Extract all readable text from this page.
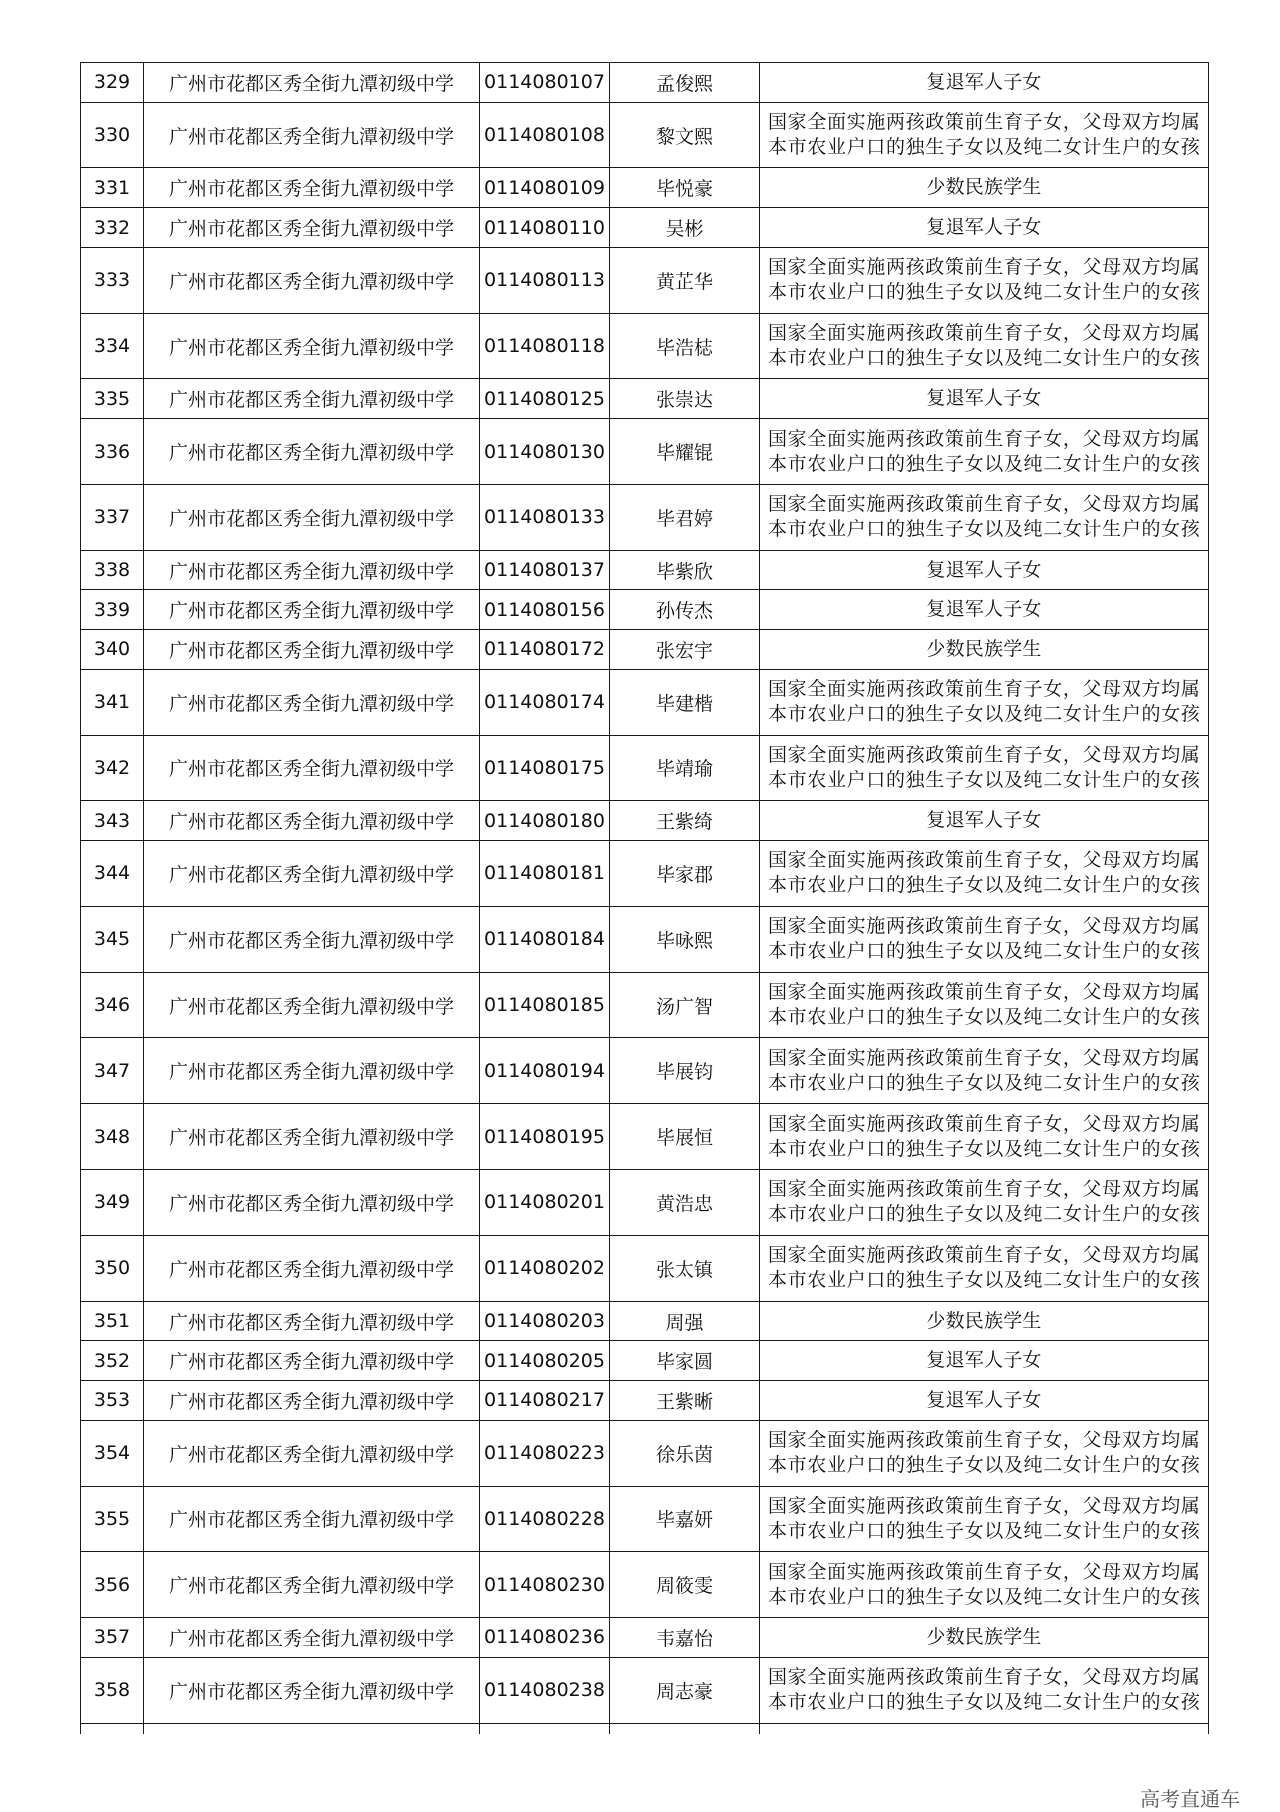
329	广州市花都区秀全街九潭初级中学	0114080107	孟俊熙	复退军人子女
330	广州市花都区秀全街九潭初级中学	0114080108	黎文熙	国家全面实施两孩政策前生育子女，父母双方均属本市农业户口的独生子女以及纯二女计生户的女孩
331	广州市花都区秀全街九潭初级中学	0114080109	毕悦豪	少数民族学生
332	广州市花都区秀全街九潭初级中学	0114080110	吴彬	复退军人子女
333	广州市花都区秀全街九潭初级中学	0114080113	黄芷华	国家全面实施两孩政策前生育子女，父母双方均属本市农业户口的独生子女以及纯二女计生户的女孩
334	广州市花都区秀全街九潭初级中学	0114080118	毕浩梽	国家全面实施两孩政策前生育子女，父母双方均属本市农业户口的独生子女以及纯二女计生户的女孩
335	广州市花都区秀全街九潭初级中学	0114080125	张崇达	复退军人子女
336	广州市花都区秀全街九潭初级中学	0114080130	毕耀锟	国家全面实施两孩政策前生育子女，父母双方均属本市农业户口的独生子女以及纯二女计生户的女孩
337	广州市花都区秀全街九潭初级中学	0114080133	毕君婷	国家全面实施两孩政策前生育子女，父母双方均属本市农业户口的独生子女以及纯二女计生户的女孩
338	广州市花都区秀全街九潭初级中学	0114080137	毕紫欣	复退军人子女
339	广州市花都区秀全街九潭初级中学	0114080156	孙传杰	复退军人子女
340	广州市花都区秀全街九潭初级中学	0114080172	张宏宇	少数民族学生
341	广州市花都区秀全街九潭初级中学	0114080174	毕建楷	国家全面实施两孩政策前生育子女，父母双方均属本市农业户口的独生子女以及纯二女计生户的女孩
342	广州市花都区秀全街九潭初级中学	0114080175	毕靖瑜	国家全面实施两孩政策前生育子女，父母双方均属本市农业户口的独生子女以及纯二女计生户的女孩
343	广州市花都区秀全街九潭初级中学	0114080180	王紫绮	复退军人子女
344	广州市花都区秀全街九潭初级中学	0114080181	毕家郡	国家全面实施两孩政策前生育子女，父母双方均属本市农业户口的独生子女以及纯二女计生户的女孩
345	广州市花都区秀全街九潭初级中学	0114080184	毕咏熙	国家全面实施两孩政策前生育子女，父母双方均属本市农业户口的独生子女以及纯二女计生户的女孩
346	广州市花都区秀全街九潭初级中学	0114080185	汤广智	国家全面实施两孩政策前生育子女，父母双方均属本市农业户口的独生子女以及纯二女计生户的女孩
347	广州市花都区秀全街九潭初级中学	0114080194	毕展钧	国家全面实施两孩政策前生育子女，父母双方均属本市农业户口的独生子女以及纯二女计生户的女孩
348	广州市花都区秀全街九潭初级中学	0114080195	毕展恒	国家全面实施两孩政策前生育子女，父母双方均属本市农业户口的独生子女以及纯二女计生户的女孩
349	广州市花都区秀全街九潭初级中学	0114080201	黄浩忠	国家全面实施两孩政策前生育子女，父母双方均属本市农业户口的独生子女以及纯二女计生户的女孩
350	广州市花都区秀全街九潭初级中学	0114080202	张太镇	国家全面实施两孩政策前生育子女，父母双方均属本市农业户口的独生子女以及纯二女计生户的女孩
351	广州市花都区秀全街九潭初级中学	0114080203	周强	少数民族学生
352	广州市花都区秀全街九潭初级中学	0114080205	毕家圆	复退军人子女
353	广州市花都区秀全街九潭初级中学	0114080217	王紫晰	复退军人子女
354	广州市花都区秀全街九潭初级中学	0114080223	徐乐茵	国家全面实施两孩政策前生育子女，父母双方均属本市农业户口的独生子女以及纯二女计生户的女孩
355	广州市花都区秀全街九潭初级中学	0114080228	毕嘉妍	国家全面实施两孩政策前生育子女，父母双方均属本市农业户口的独生子女以及纯二女计生户的女孩
356	广州市花都区秀全街九潭初级中学	0114080230	周筱雯	国家全面实施两孩政策前生育子女，父母双方均属本市农业户口的独生子女以及纯二女计生户的女孩
357	广州市花都区秀全街九潭初级中学	0114080236	韦嘉怡	少数民族学生
358	广州市花都区秀全街九潭初级中学	0114080238	周志豪	国家全面实施两孩政策前生育子女，父母双方均属本市农业户口的独生子女以及纯二女计生户的女孩

高考直通车
